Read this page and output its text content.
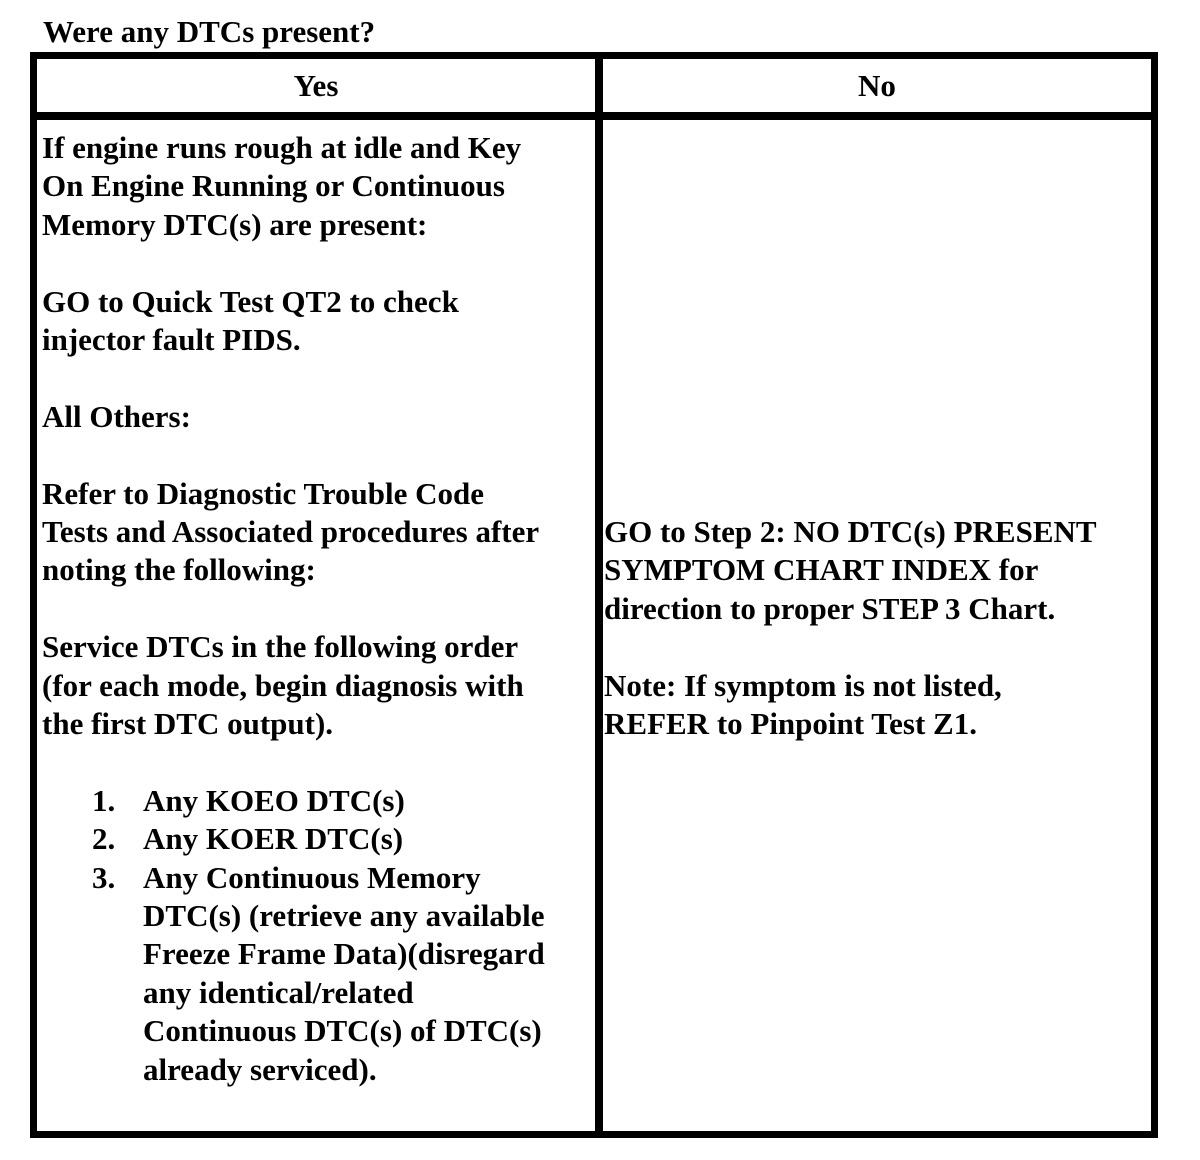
Were any DTCs present?
Yes	No

If engine runs rough at idle and Key
On Engine Running or Continuous
Memory DTC(s) are present:

GO to Quick Test QT2 to check
injector fault PIDS.

All Others:

Refer to Diagnostic Trouble Code
Tests and Associated procedures after
noting the following:

Service DTCs in the following order
(for each mode, begin diagnosis with
the first DTC output).

1. Any KOEO DTC(s)
2. Any KOER DTC(s)
3. Any Continuous Memory
DTC(s) (retrieve any available
Freeze Frame Data)(disregard
any identical/related
Continuous DTC(s) of DTC(s)
already serviced).

GO to Step 2: NO DTC(s) PRESENT
SYMPTOM CHART INDEX for
direction to proper STEP 3 Chart.

Note: If symptom is not listed,
REFER to Pinpoint Test Z1.
